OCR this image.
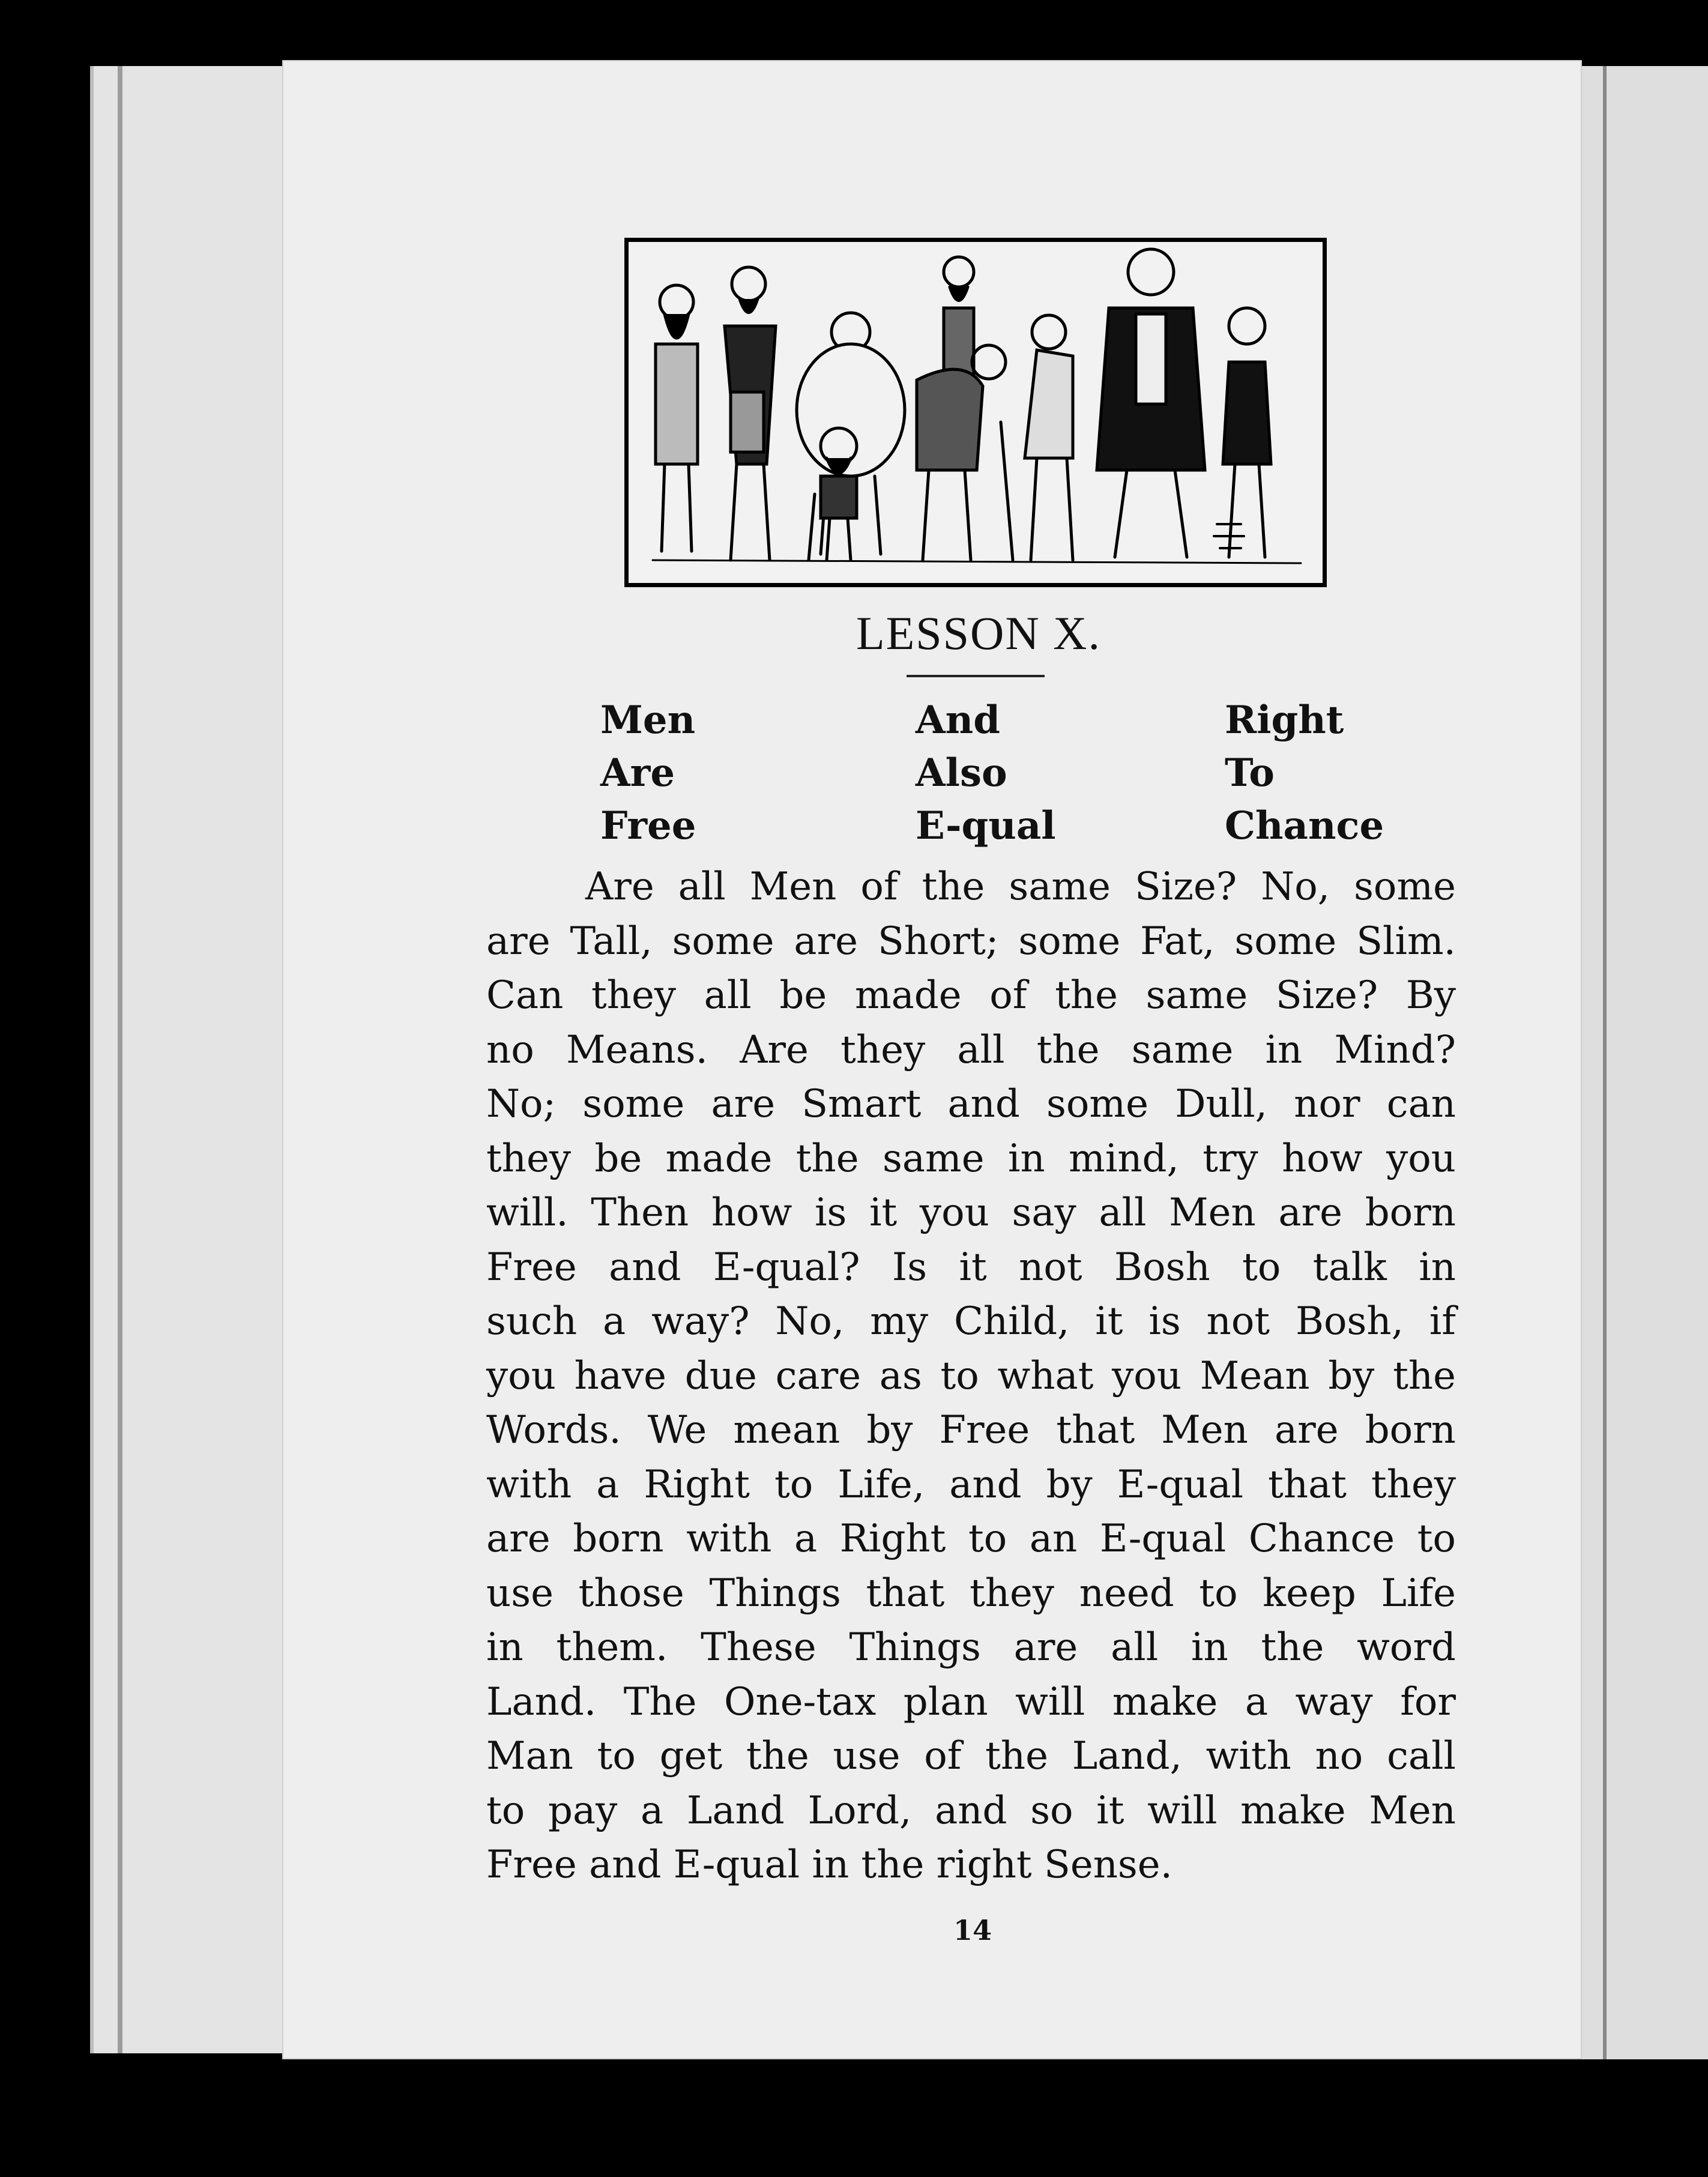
LESSON X.
Men
Are
Free
And
Also
E-qual
Right
To
Chance
Are all Men of the same Size? No, some
are Tall, some are Short; some Fat, some Slim.
Can they all be made of the same Size? By
no Means. Are they all the same in Mind?
No; some are Smart and some Dull, nor can
they be made the same in mind, try how you
will. Then how is it you say all Men are born
Free and E-qual? Is it not Bosh to talk in
such a way? No, my Child, it is not Bosh, if
you have due care as to what you Mean by the
Words. We mean by Free that Men are born
with a Right to Life, and by E-qual that they
are born with a Right to an E-qual Chance to
use those Things that they need to keep Life
in them. These Things are all in the word
Land. The One-tax plan will make a way for
Man to get the use of the Land, with no call
to pay a Land Lord, and so it will make Men
Free and E-qual in the right Sense.
14
